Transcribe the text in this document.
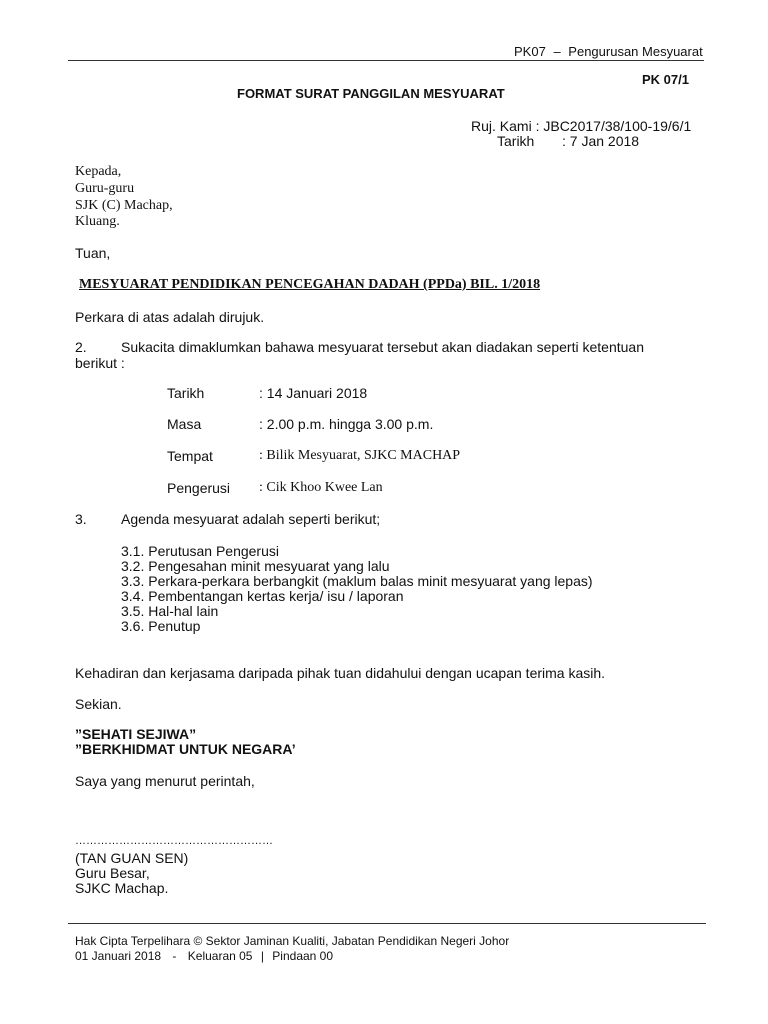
PK07 – Pengurusan Mesyuarat
PK 07/1
FORMAT SURAT PANGGILAN MESYUARAT
Ruj. Kami : JBC2017/38/100-19/6/1
Tarikh : 7 Jan 2018
Kepada,
Guru-guru
SJK (C) Machap,
Kluang.
Tuan,
MESYUARAT PENDIDIKAN PENCEGAHAN DADAH (PPDa) BIL. 1/2018
Perkara di atas adalah dirujuk.
2. Sukacita dimaklumkan bahawa mesyuarat tersebut akan diadakan seperti ketentuan
berikut :
Tarikh	: 14 Januari 2018
Masa	: 2.00 p.m. hingga 3.00 p.m.
Tempat	: Bilik Mesyuarat, SJKC MACHAP
Pengerusi : Cik Khoo Kwee Lan
3. Agenda mesyuarat adalah seperti berikut;
3.1. Perutusan Pengerusi
3.2. Pengesahan minit mesyuarat yang lalu
3.3. Perkara-perkara berbangkit (maklum balas minit mesyuarat yang lepas)
3.4. Pembentangan kertas kerja/ isu / laporan
3.5. Hal-hal lain
3.6. Penutup
Kehadiran dan kerjasama daripada pihak tuan didahului dengan ucapan terima kasih.
Sekian.
”SEHATI SEJIWA”
”BERKHIDMAT UNTUK NEGARA’
Saya yang menurut perintah,
………………………………………………
(TAN GUAN SEN)
Guru Besar,
SJKC Machap.
Hak Cipta Terpelihara © Sektor Jaminan Kualiti, Jabatan Pendidikan Negeri Johor
01 Januari 2018 - Keluaran 05 | Pindaan 00
